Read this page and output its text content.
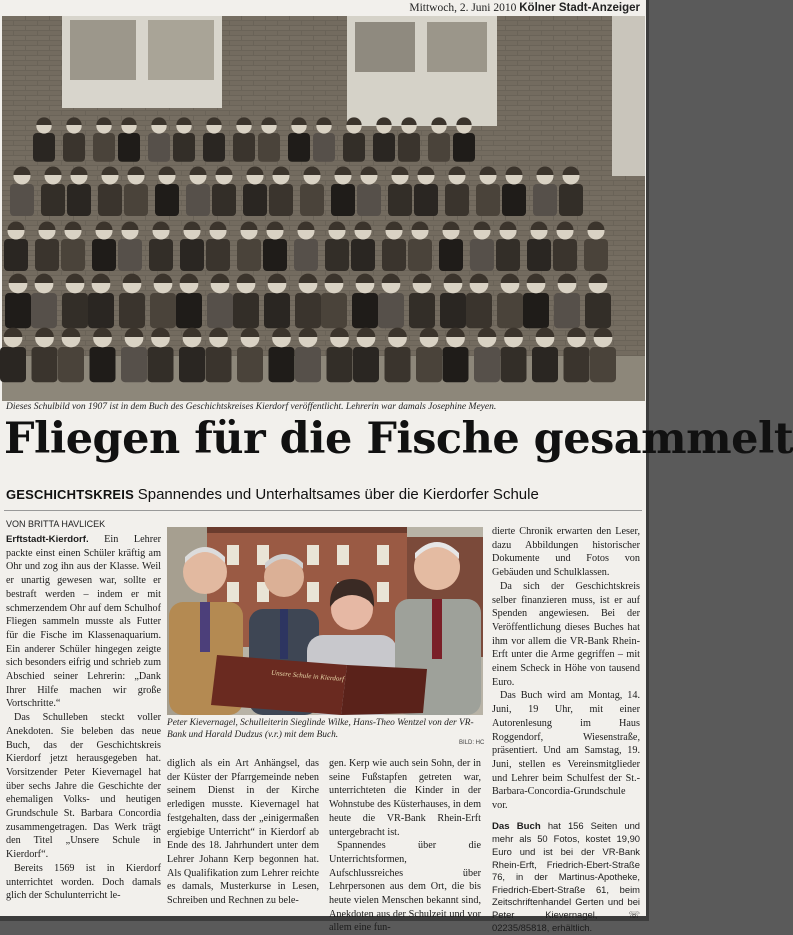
Mittwoch, 2. Juni 2010 Kölner Stadt-Anzeiger
Dieses Schulbild von 1907 ist in dem Buch des Geschichtskreises Kierdorf veröffentlicht. Lehrerin war damals Josephine Meyen.
Fliegen für die Fische gesammelt
GESCHICHTSKREIS Spannendes und Unterhaltsames über die Kierdorfer Schule
VON BRITTA HAVLICEK

Erftstadt-Kierdorf. Ein Lehrer packte einst einen Schüler kräftig am Ohr und zog ihn aus der Klasse. Weil er unartig gewesen war, sollte er bestraft werden – indem er mit schmerzendem Ohr auf dem Schulhof Fliegen sammeln musste als Futter für die Fische im Klassenaquarium. Ein anderer Schüler hingegen zeigte sich besonders eifrig und schrieb zum Abschied seiner Lehrerin: „Dank Ihrer Hilfe machen wir große Vortschritte.“

Das Schulleben steckt voller Anekdoten. Sie beleben das neue Buch, das der Geschichtskreis Kierdorf jetzt herausgegeben hat. Vorsitzender Peter Kievernagel hat über sechs Jahre die Geschichte der ehemaligen Volks- und heutigen Grundschule St. Barbara Concordia zusammengetragen. Das Werk trägt den Titel „Unsere Schule in Kierdorf“.

Bereits 1569 ist in Kierdorf unterrichtet worden. Doch damals glich der Schulunterricht le-

Unsere Schule in Kierdorf
Peter Kievernagel, Schulleiterin Sieglinde Wilke, Hans-Theo Wentzel von der VR-Bank und Harald Dudzus (v.r.) mit dem Buch.
BILD: HC

diglich als ein Art Anhängsel, das der Küster der Pfarrgemeinde neben seinem Dienst in der Kirche erledigen musste. Kievernagel hat festgehalten, dass der „einigermaßen ergiebige Unterricht“ in Kierdorf ab Ende des 18. Jahrhundert unter dem Lehrer Johann Kerp begonnen hat. Als Qualifikation zum Lehrer reichte es damals, Musterkurse in Lesen, Schreiben und Rechnen zu bele-

gen. Kerp wie auch sein Sohn, der in seine Fußstapfen getreten war, unterrichteten die Kinder in der Wohnstube des Küsterhauses, in dem heute die VR-Bank Rhein-Erft untergebracht ist.

Spannendes über die Unterrichtsformen, Aufschlussreiches über Lehrpersonen aus dem Ort, die bis heute vielen Menschen bekannt sind, Anekdoten aus der Schulzeit und vor allem eine fun-

dierte Chronik erwarten den Leser, dazu Abbildungen historischer Dokumente und Fotos von Gebäuden und Schulklassen.

Da sich der Geschichtskreis selber finanzieren muss, ist er auf Spenden angewiesen. Bei der Veröffentlichung dieses Buches hat ihm vor allem die VR-Bank Rhein-Erft unter die Arme gegriffen – mit einem Scheck in Höhe von tausend Euro.

Das Buch wird am Montag, 14. Juni, 19 Uhr, mit einer Autorenlesung im Haus Roggendorf, Wiesenstraße, präsentiert. Und am Samstag, 19. Juni, stellen es Vereinsmitglieder und Lehrer beim Schulfest der St.-Barbara-Concordia-Grundschule vor.

Das Buch hat 156 Seiten und mehr als 50 Fotos, kostet 19,90 Euro und ist bei der VR-Bank Rhein-Erft, Friedrich-Ebert-Straße 76, in der Martinus-Apotheke, Friedrich-Ebert-Straße 61, beim Zeitschriftenhandel Gerten und bei Peter Kievernagel,	☏ 02235/85818, erhältlich.
